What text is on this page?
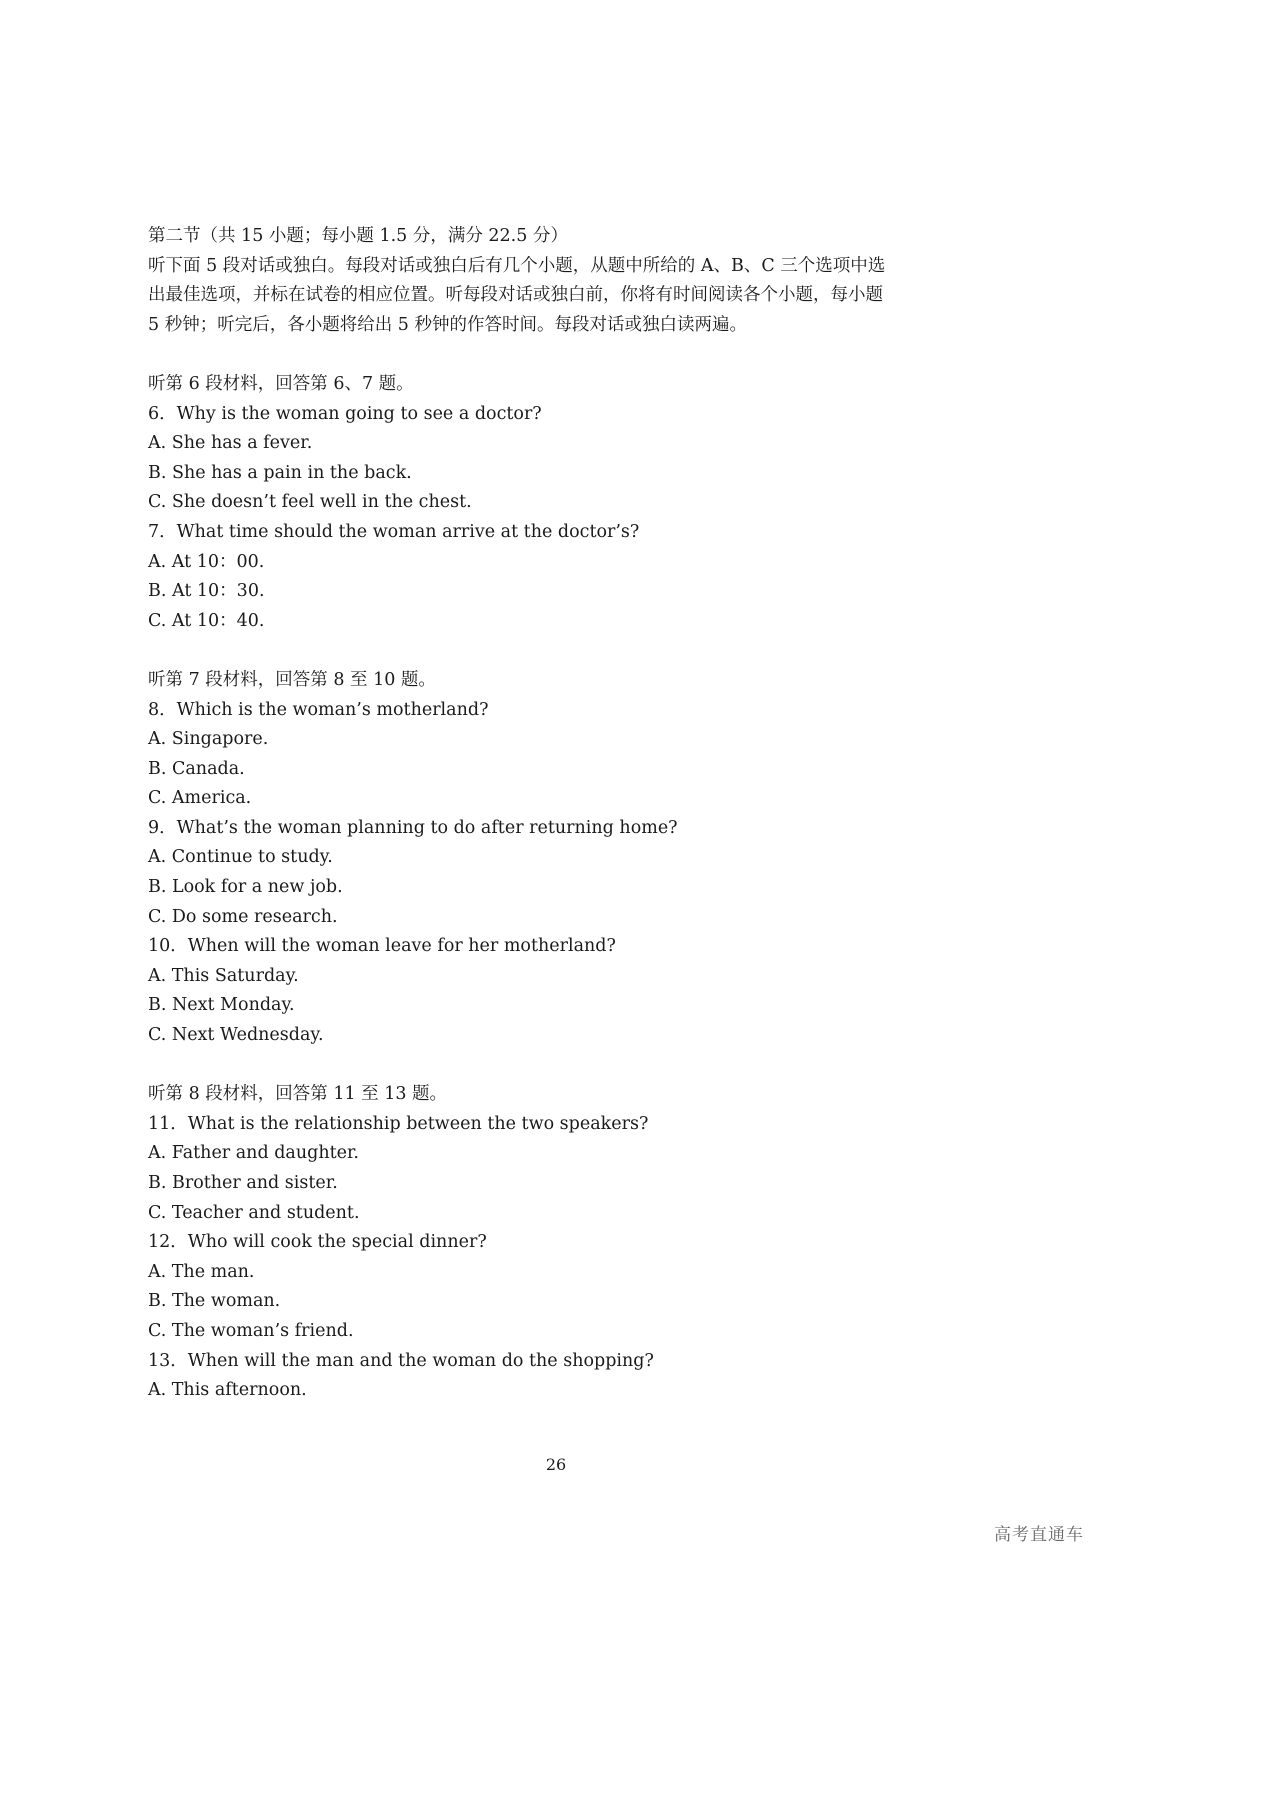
第二节（共 15 小题；每小题 1.5 分，满分 22.5 分）
听下面 5 段对话或独白。每段对话或独白后有几个小题，从题中所给的 A、B、C 三个选项中选
出最佳选项，并标在试卷的相应位置。听每段对话或独白前，你将有时间阅读各个小题，每小题
5 秒钟；听完后，各小题将给出 5 秒钟的作答时间。每段对话或独白读两遍。
听第 6 段材料，回答第 6、7 题。
6．Why is the woman going to see a doctor?
A. She has a fever.
B. She has a pain in the back.
C. She doesn’t feel well in the chest.
7．What time should the woman arrive at the doctor’s?
A. At 10：00.
B. At 10：30.
C. At 10：40.
听第 7 段材料，回答第 8 至 10 题。
8．Which is the woman’s motherland?
A. Singapore.
B. Canada.
C. America.
9．What’s the woman planning to do after returning home?
A. Continue to study.
B. Look for a new job.
C. Do some research.
10．When will the woman leave for her motherland?
A. This Saturday.
B. Next Monday.
C. Next Wednesday.
听第 8 段材料，回答第 11 至 13 题。
11．What is the relationship between the two speakers?
A. Father and daughter.
B. Brother and sister.
C. Teacher and student.
12．Who will cook the special dinner?
A. The man.
B. The woman.
C. The woman’s friend.
13．When will the man and the woman do the shopping?
A. This afternoon.
26
高考直通车
